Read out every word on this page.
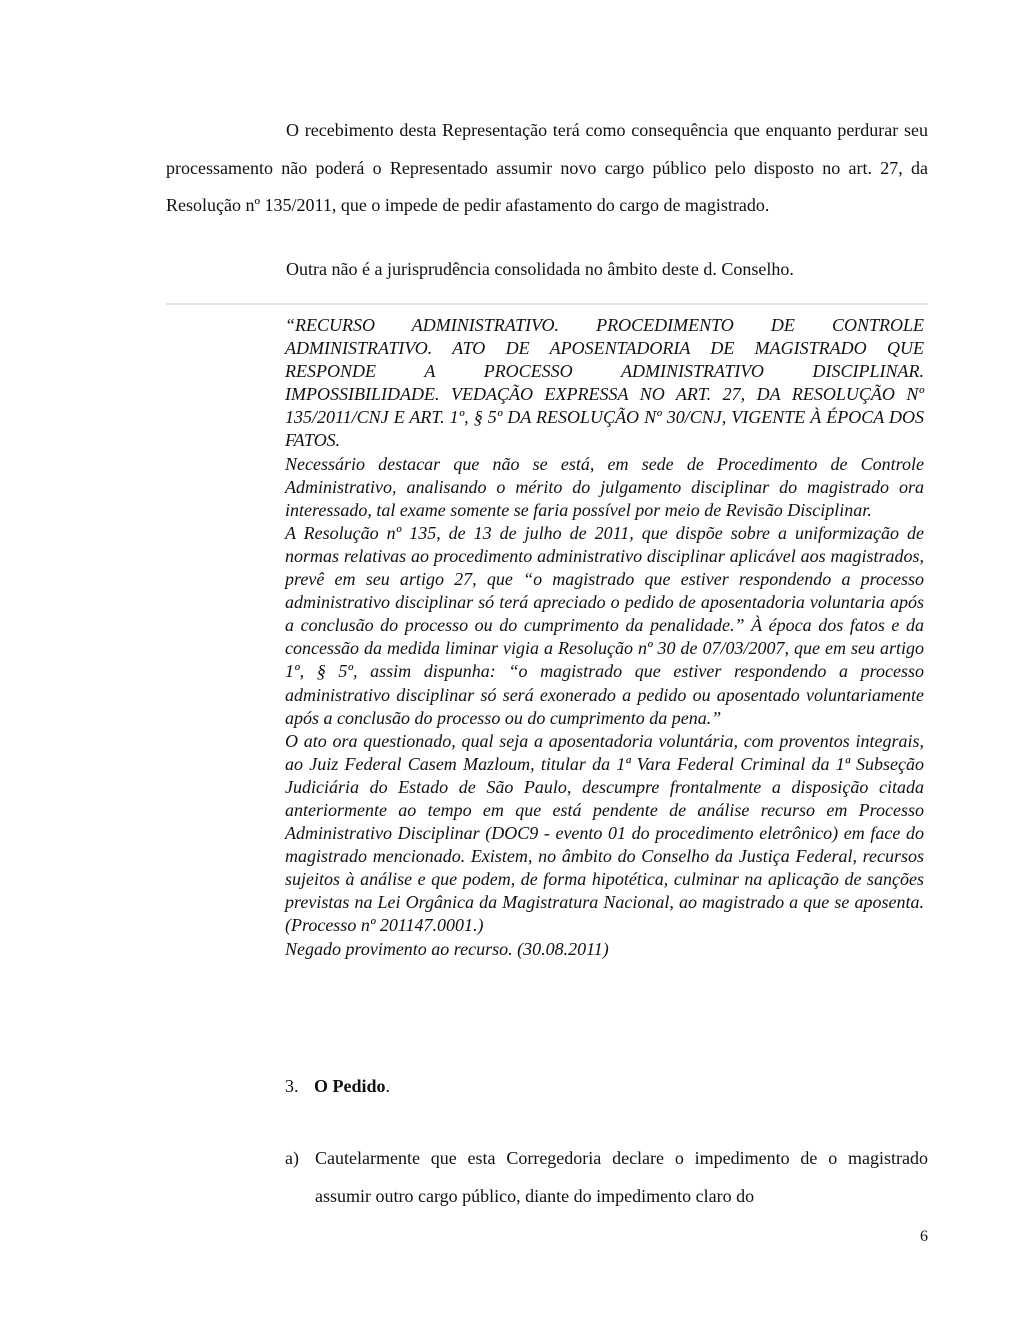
O recebimento desta Representação terá como consequência que enquanto perdurar seu processamento não poderá o Representado assumir novo cargo público pelo disposto no art. 27, da Resolução nº 135/2011, que o impede de pedir afastamento do cargo de magistrado.

Outra não é a jurisprudência consolidada no âmbito deste d. Conselho.

“RECURSO ADMINISTRATIVO. PROCEDIMENTO DE CONTROLE ADMINISTRATIVO. ATO DE APOSENTADORIA DE MAGISTRADO QUE RESPONDE A PROCESSO ADMINISTRATIVO DISCIPLINAR.

IMPOSSIBILIDADE. VEDAÇÃO EXPRESSA NO ART. 27, DA RESOLUÇÃO Nº 135/2011/CNJ E ART. 1º, § 5º DA RESOLUÇÃO Nº 30/CNJ, VIGENTE À ÉPOCA DOS FATOS.

Necessário destacar que não se está, em sede de Procedimento de Controle Administrativo, analisando o mérito do julgamento disciplinar do magistrado ora interessado, tal exame somente se faria possível por meio de Revisão Disciplinar.

A Resolução nº 135, de 13 de julho de 2011, que dispõe sobre a uniformização de normas relativas ao procedimento administrativo disciplinar aplicável aos magistrados, prevê em seu artigo 27, que “o magistrado que estiver respondendo a processo administrativo disciplinar só terá apreciado o pedido de aposentadoria voluntaria após a conclusão do processo ou do cumprimento da penalidade.” À época dos fatos e da concessão da medida liminar vigia a Resolução nº 30 de 07/03/2007, que em seu artigo 1º, § 5º, assim dispunha: “o magistrado que estiver respondendo a processo administrativo disciplinar só será exonerado a pedido ou aposentado voluntariamente após a conclusão do processo ou do cumprimento da pena.”

O ato ora questionado, qual seja a aposentadoria voluntária, com proventos integrais, ao Juiz Federal Casem Mazloum, titular da 1ª Vara Federal Criminal da 1ª Subseção Judiciária do Estado de São Paulo, descumpre frontalmente a disposição citada anteriormente ao tempo em que está pendente de análise recurso em Processo Administrativo Disciplinar (DOC9 - evento 01 do procedimento eletrônico) em face do magistrado mencionado. Existem, no âmbito do Conselho da Justiça Federal, recursos sujeitos à análise e que podem, de forma hipotética, culminar na aplicação de sanções previstas na Lei Orgânica da Magistratura Nacional, ao magistrado a que se aposenta. (Processo nº 201147.0001.)

Negado provimento ao recurso. (30.08.2011)

3. O Pedido.
a) Cautelarmente que esta Corregedoria declare o impedimento de o magistrado assumir outro cargo público, diante do impedimento claro do
6
